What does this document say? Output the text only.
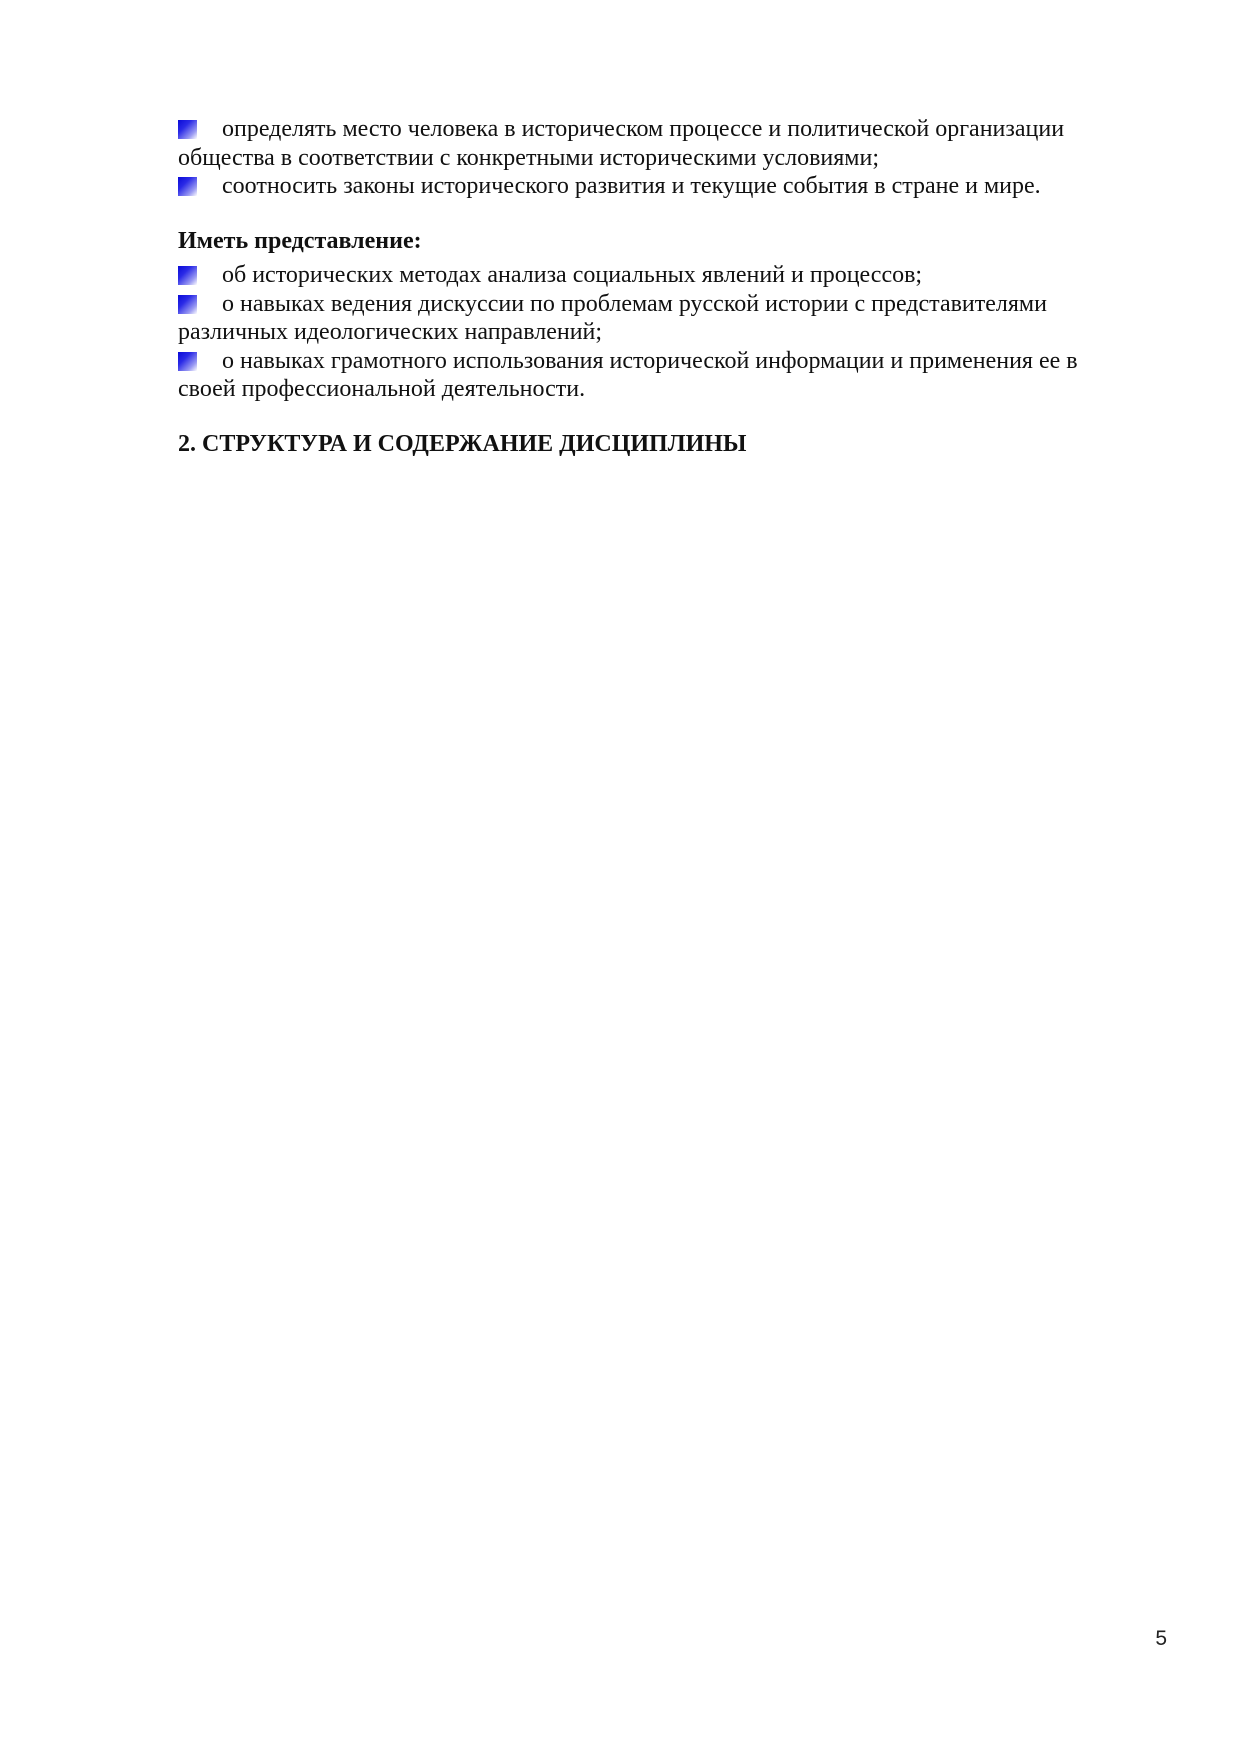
определять место человека в историческом процессе и политической организации общества в соответствии с конкретными историческими условиями;

соотносить законы исторического развития и текущие события в стране и мире.

Иметь представление:

об исторических методах анализа социальных явлений и процессов;

о навыках ведения дискуссии по проблемам русской истории с представителями различных идеологических направлений;

о навыках грамотного использования исторической информации и применения ее в своей профессиональной деятельности.

2. СТРУКТУРА И СОДЕРЖАНИЕ ДИСЦИПЛИНЫ

5
